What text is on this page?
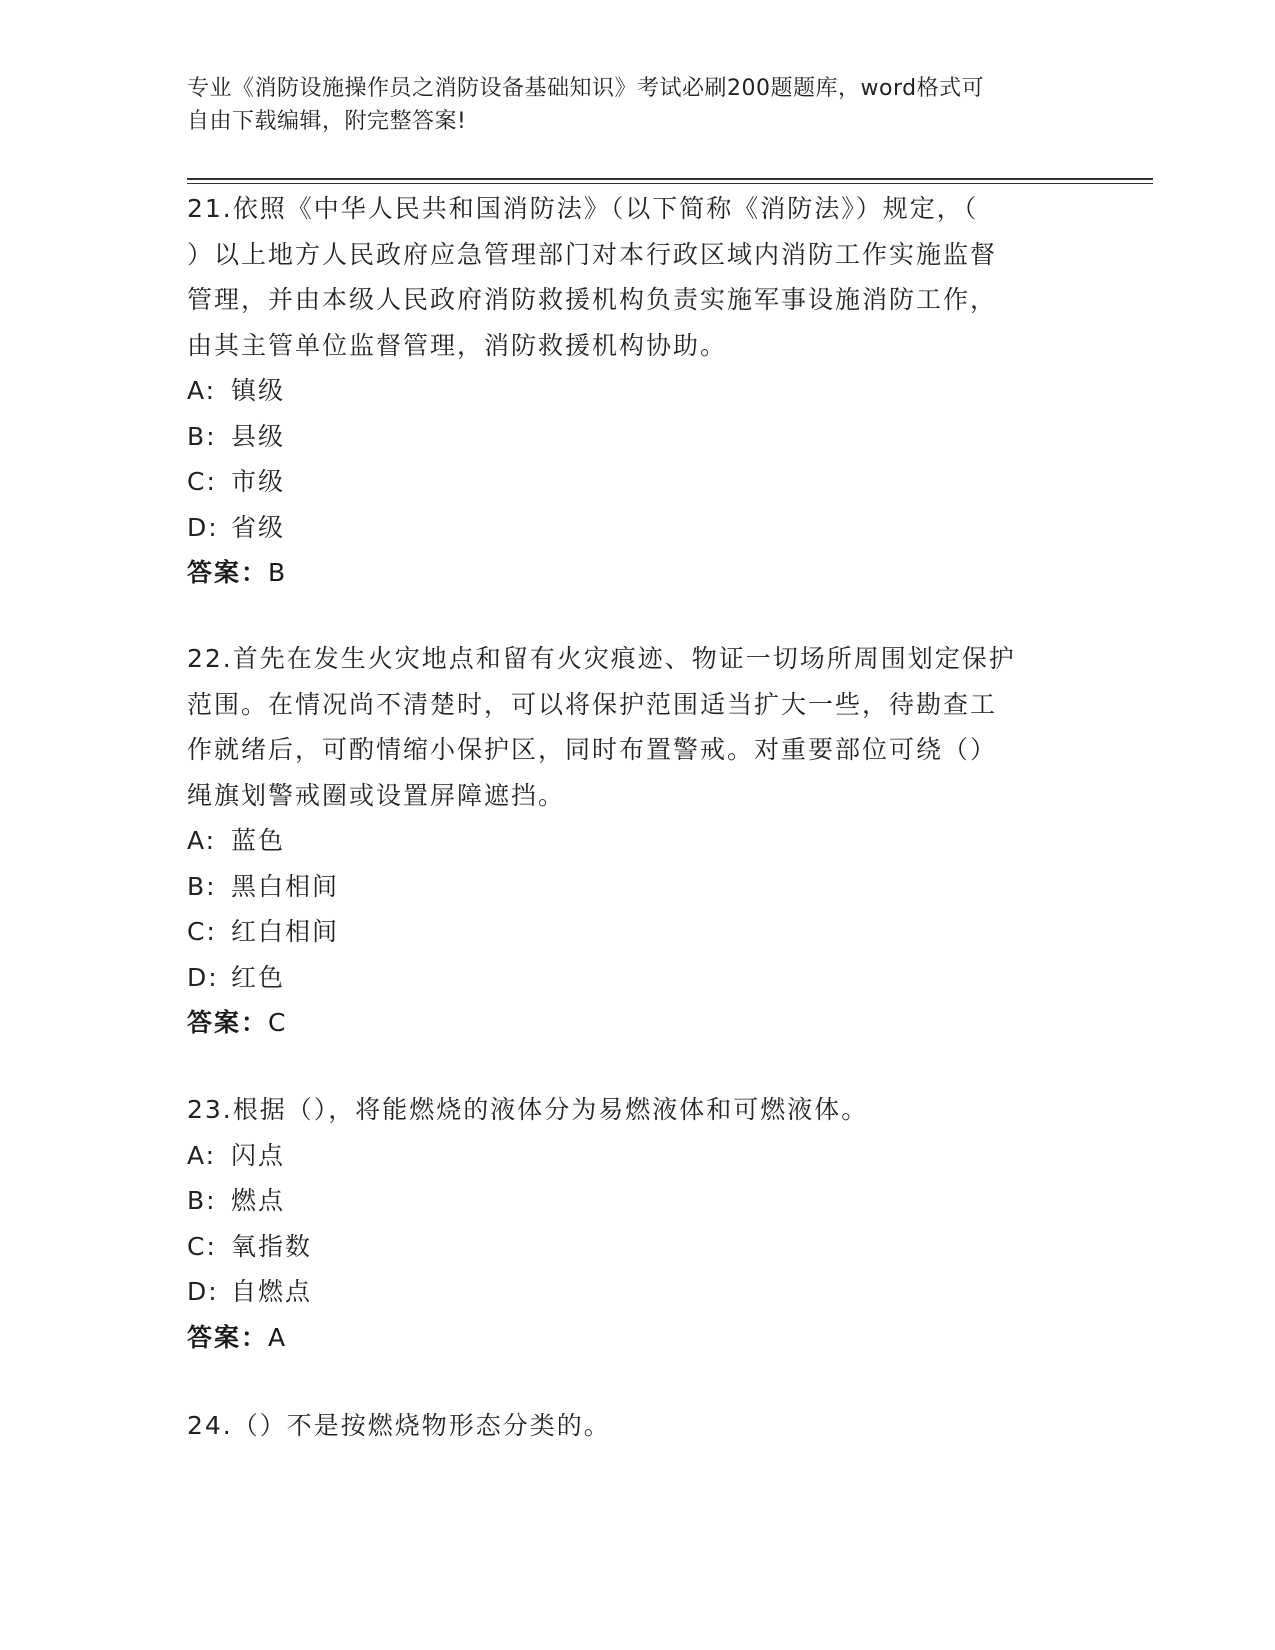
专业《消防设施操作员之消防设备基础知识》考试必刷200题题库，word格式可
自由下载编辑，附完整答案!
21.依照《中华人民共和国消防法》（以下简称《消防法》）规定，（
）以上地方人民政府应急管理部门对本行政区域内消防工作实施监督
管理，并由本级人民政府消防救援机构负责实施军事设施消防工作，
由其主管单位监督管理，消防救援机构协助。
A: 镇级
B: 县级
C: 市级
D: 省级
答案：B
22.首先在发生火灾地点和留有火灾痕迹、物证一切场所周围划定保护
范围。在情况尚不清楚时，可以将保护范围适当扩大一些，待勘查工
作就绪后，可酌情缩小保护区，同时布置警戒。对重要部位可绕（）
绳旗划警戒圈或设置屏障遮挡。
A: 蓝色
B: 黑白相间
C: 红白相间
D: 红色
答案：C
23.根据（），将能燃烧的液体分为易燃液体和可燃液体。
A: 闪点
B: 燃点
C: 氧指数
D: 自燃点
答案：A
24.（）不是按燃烧物形态分类的。
